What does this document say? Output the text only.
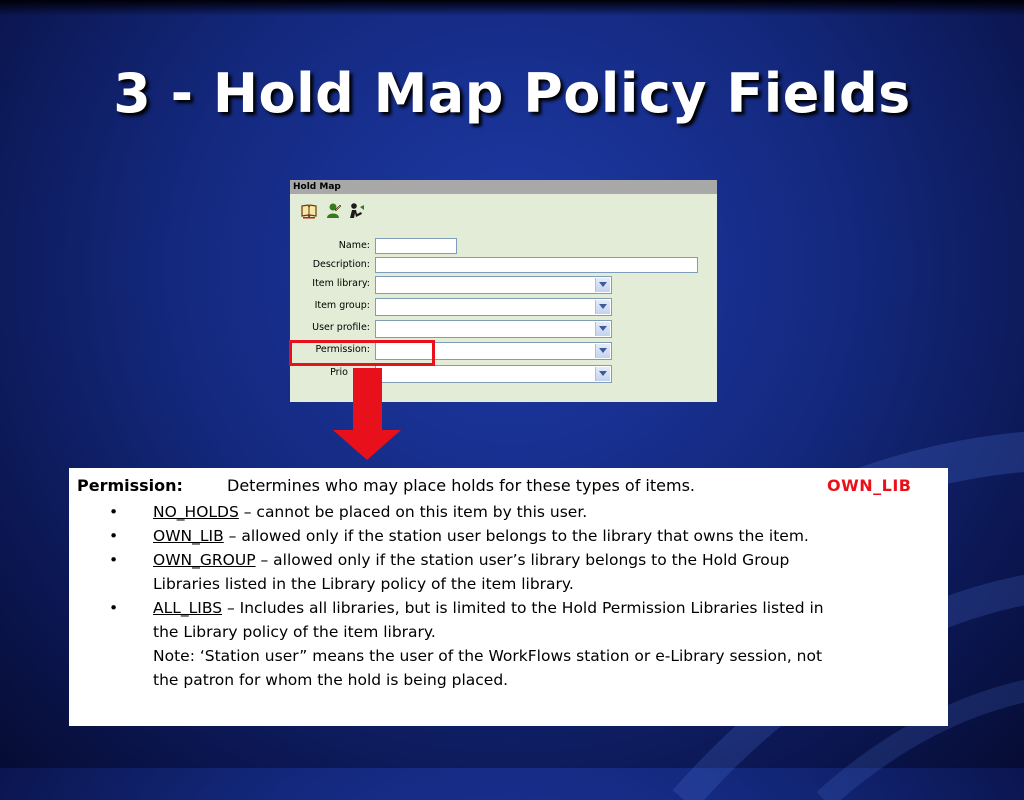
3 - Hold Map Policy Fields
Hold Map
Name:
Description:
Item library:
Item group:
User profile:
Permission:
Prio
Permission:	Determines who may place holds for these types of items.	OWN_LIB
• NO_HOLDS – cannot be placed on this item by this user.
• OWN_LIB – allowed only if the station user belongs to the library that owns the item.
• OWN_GROUP – allowed only if the station user’s library belongs to the Hold Group Libraries listed in the Library policy of the item library.
• ALL_LIBS – Includes all libraries, but is limited to the Hold Permission Libraries listed in the Library policy of the item library.
Note: ‘Station user” means the user of the WorkFlows station or e-Library session, not the patron for whom the hold is being placed.
